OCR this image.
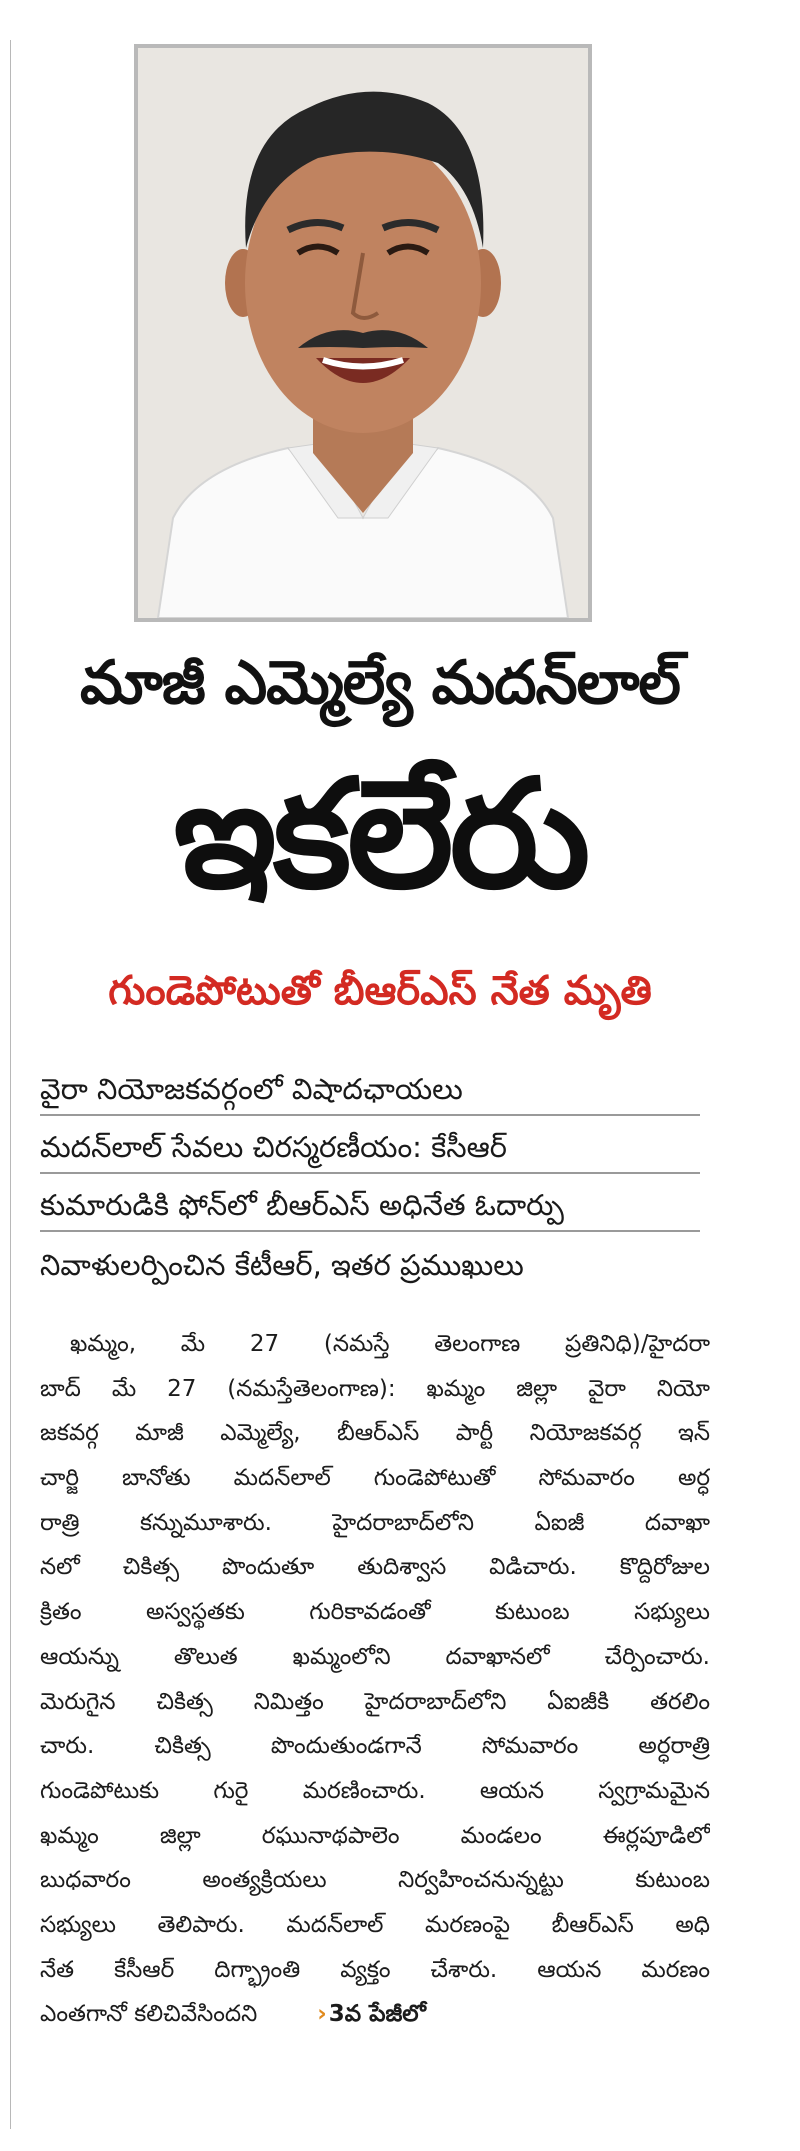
మాజీ ఎమ్మెల్యే మదన్‌లాల్
ఇకలేరు
గుండెపోటుతో బీఆర్‌ఎస్‌ నేత మృతి
వైరా నియోజకవర్గంలో విషాదఛాయలు
మదన్‌లాల్‌ సేవలు చిరస్మరణీయం: కేసీఆర్‌
కుమారుడికి ఫోన్‌లో బీఆర్‌ఎస్‌ అధినేత ఓదార్పు
నివాళులర్పించిన కేటీఆర్‌, ఇతర ప్రముఖులు
ఖమ్మం, మే 27 (నమస్తే తెలంగాణ ప్రతినిధి)/హైదరా
బాద్‌ మే 27 (నమస్తేతెలంగాణ): ఖమ్మం జిల్లా వైరా నియో
జకవర్గ మాజీ ఎమ్మెల్యే, బీఆర్‌ఎస్‌ పార్టీ నియోజకవర్గ ఇన్‌
చార్జి బానోతు మదన్‌లాల్‌ గుండెపోటుతో సోమవారం అర్ధ
రాత్రి కన్నుమూశారు. హైదరాబాద్‌లోని ఏఐజీ దవాఖా
నలో చికిత్స పొందుతూ తుదిశ్వాస విడిచారు. కొద్దిరోజుల
క్రితం అస్వస్థతకు గురికావడంతో కుటుంబ సభ్యులు
ఆయన్ను తొలుత ఖమ్మంలోని దవాఖానలో చేర్పించారు.
మెరుగైన చికిత్స నిమిత్తం హైదరాబాద్‌లోని ఏఐజీకి తరలిం
చారు. చికిత్స పొందుతుండగానే సోమవారం అర్ధరాత్రి
గుండెపోటుకు గురై మరణించారు. ఆయన స్వగ్రామమైన
ఖమ్మం జిల్లా రఘునాథపాలెం మండలం ఈర్లపూడిలో
బుధవారం అంత్యక్రియలు నిర్వహించనున్నట్టు కుటుంబ
సభ్యులు తెలిపారు. మదన్‌లాల్‌ మరణంపై బీఆర్‌ఎస్‌ అధి
నేత కేసీఆర్‌ దిగ్భ్రాంతి వ్యక్తం చేశారు. ఆయన మరణం
ఎంతగానో కలిచివేసిందని	›3వ పేజీలో
